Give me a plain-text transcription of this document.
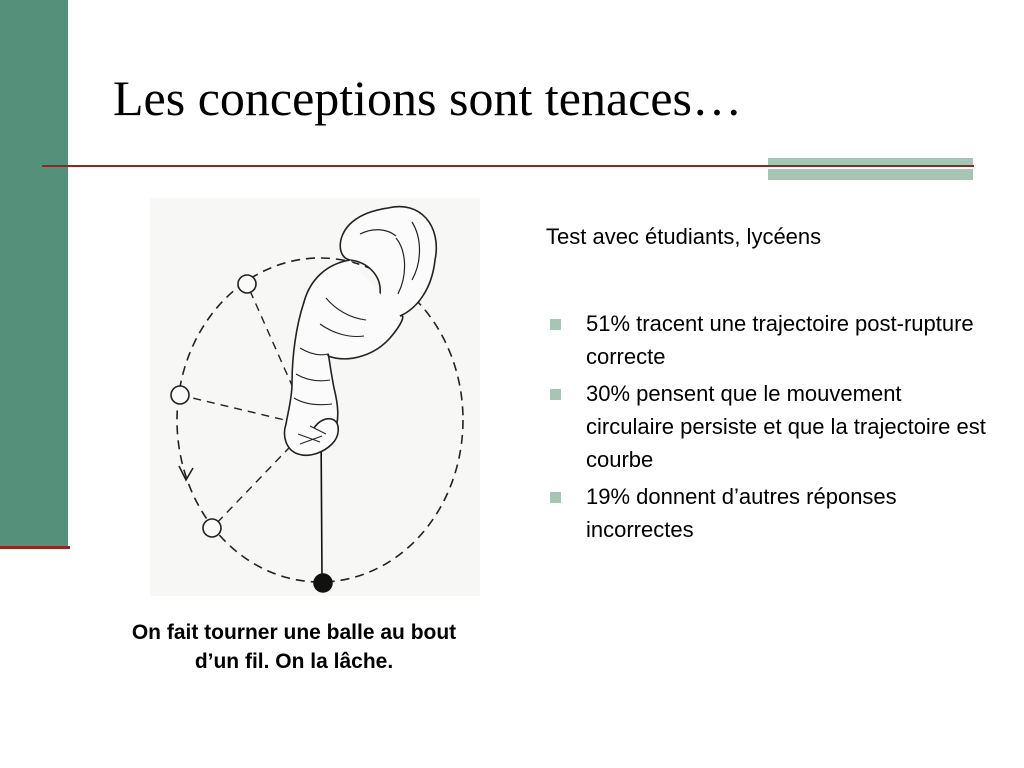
Les conceptions sont tenaces…

On fait tourner une balle au bout
d’un fil. On la lâche.

Test avec étudiants, lycéens

51% tracent une trajectoire post-rupture correcte
30% pensent que le mouvement circulaire persiste et que la trajectoire est courbe
19% donnent d’autres réponses incorrectes
